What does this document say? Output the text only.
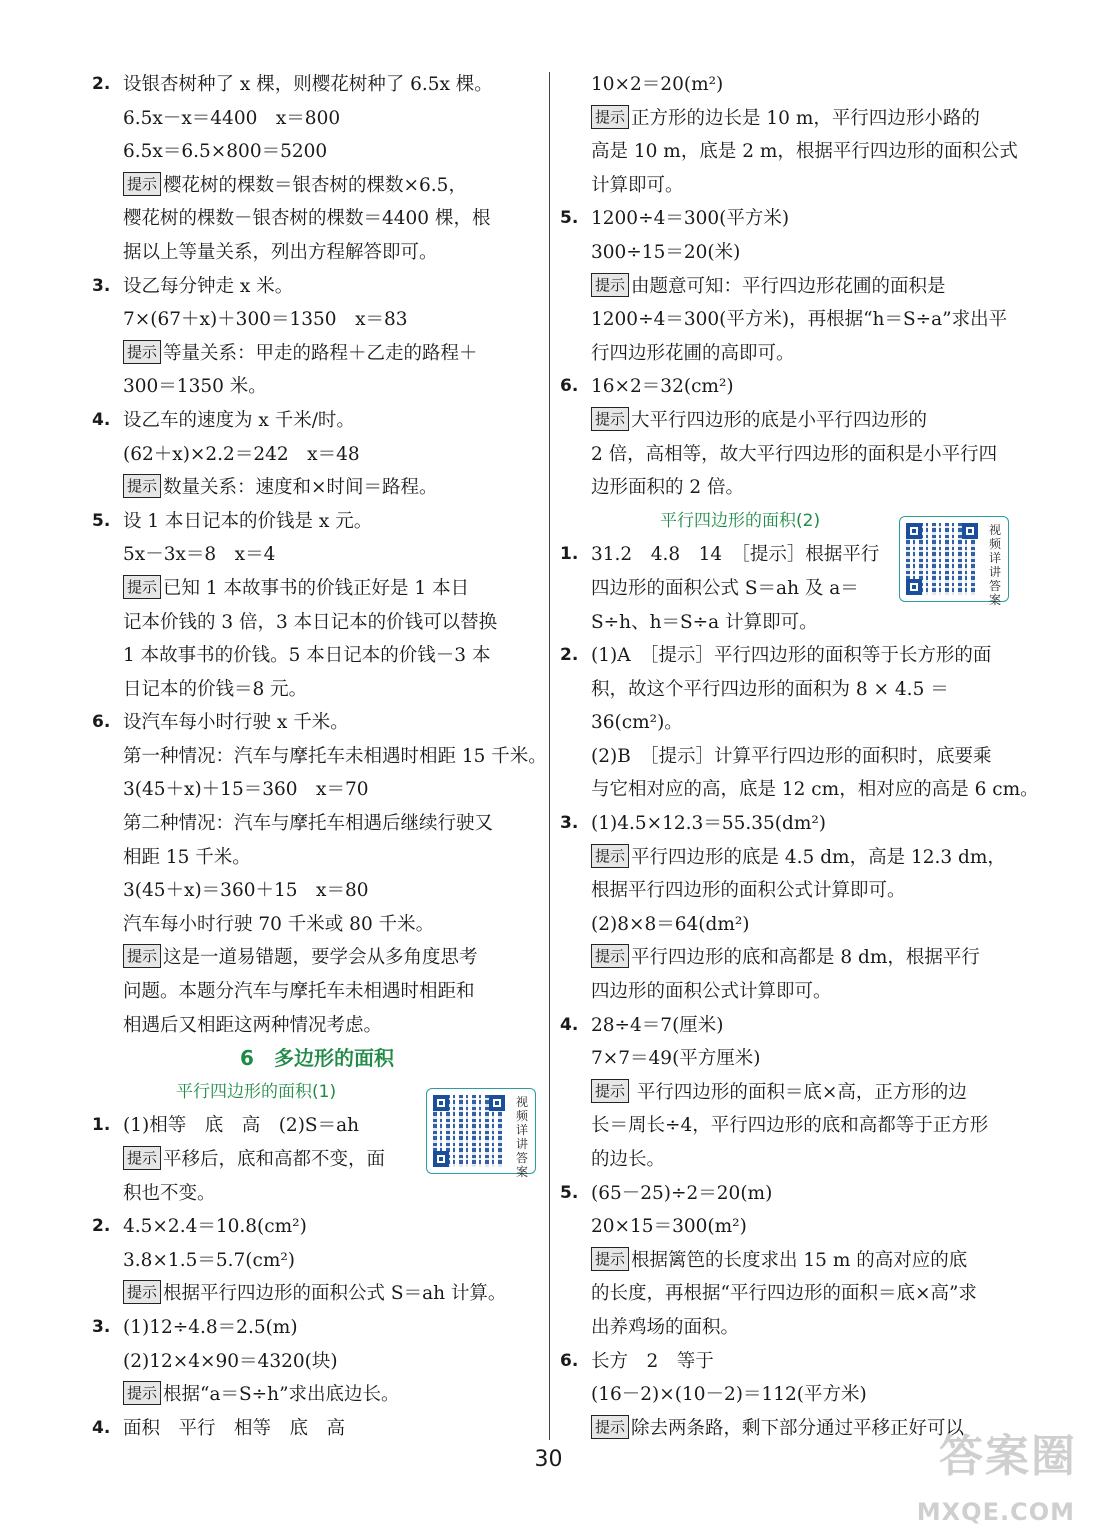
2. 设银杏树种了 x 棵，则樱花树种了 6.5x 棵。
6.5x－x＝4400　x＝800
6.5x＝6.5×800＝5200
提示 樱花树的棵数＝银杏树的棵数×6.5，
樱花树的棵数－银杏树的棵数＝4400 棵，根
据以上等量关系，列出方程解答即可。
3. 设乙每分钟走 x 米。
7×(67＋x)＋300＝1350　x＝83
提示 等量关系：甲走的路程＋乙走的路程＋
300＝1350 米。
4. 设乙车的速度为 x 千米/时。
(62＋x)×2.2＝242　x＝48
提示 数量关系：速度和×时间＝路程。
5. 设 1 本日记本的价钱是 x 元。
5x－3x＝8　x＝4
提示 已知 1 本故事书的价钱正好是 1 本日
记本价钱的 3 倍，3 本日记本的价钱可以替换
1 本故事书的价钱。5 本日记本的价钱－3 本
日记本的价钱＝8 元。
6. 设汽车每小时行驶 x 千米。
第一种情况：汽车与摩托车未相遇时相距 15 千米。
3(45＋x)＋15＝360　x＝70
第二种情况：汽车与摩托车相遇后继续行驶又
相距 15 千米。
3(45＋x)＝360＋15　x＝80
汽车每小时行驶 70 千米或 80 千米。
提示 这是一道易错题，要学会从多角度思考
问题。本题分汽车与摩托车未相遇时相距和
相遇后又相距这两种情况考虑。
6　多边形的面积
平行四边形的面积(1)
1. (1)相等　底　高　(2)S＝ah
提示 平移后，底和高都不变，面
积也不变。
2. 4.5×2.4＝10.8(cm²)
3.8×1.5＝5.7(cm²)
提示 根据平行四边形的面积公式 S＝ah 计算。
3. (1)12÷4.8＝2.5(m)
(2)12×4×90＝4320(块)
提示 根据“a＝S÷h”求出底边长。
4. 面积　平行　相等　底　高
10×2＝20(m²)
提示 正方形的边长是 10 m，平行四边形小路的
高是 10 m，底是 2 m，根据平行四边形的面积公式
计算即可。
5. 1200÷4＝300(平方米)
300÷15＝20(米)
提示 由题意可知：平行四边形花圃的面积是
1200÷4＝300(平方米)，再根据“h＝S÷a”求出平
行四边形花圃的高即可。
6. 16×2＝32(cm²)
提示 大平行四边形的底是小平行四边形的
2 倍，高相等，故大平行四边形的面积是小平行四
边形面积的 2 倍。
平行四边形的面积(2)
1. 31.2　4.8　14　［提示］根据平行
四边形的面积公式 S＝ah 及 a＝
S÷h、h＝S÷a 计算即可。
2. (1)A　［提示］平行四边形的面积等于长方形的面
积，故这个平行四边形的面积为 8 × 4.5 ＝
36(cm²)。
(2)B　［提示］计算平行四边形的面积时，底要乘
与它相对应的高，底是 12 cm，相对应的高是 6 cm。
3. (1)4.5×12.3＝55.35(dm²)
提示 平行四边形的底是 4.5 dm，高是 12.3 dm，
根据平行四边形的面积公式计算即可。
(2)8×8＝64(dm²)
提示 平行四边形的底和高都是 8 dm，根据平行
四边形的面积公式计算即可。
4. 28÷4＝7(厘米)
7×7＝49(平方厘米)
提示 平行四边形的面积＝底×高，正方形的边
长＝周长÷4，平行四边形的底和高都等于正方形
的边长。
5. (65－25)÷2＝20(m)
20×15＝300(m²)
提示 根据篱笆的长度求出 15 m 的高对应的底
的长度，再根据“平行四边形的面积＝底×高”求
出养鸡场的面积。
6. 长方　2　等于
(16－2)×(10－2)＝112(平方米)
提示 除去两条路，剩下部分通过平移正好可以
视频详讲答案
视频详讲答案
30	答案圈
MXQE.COM
